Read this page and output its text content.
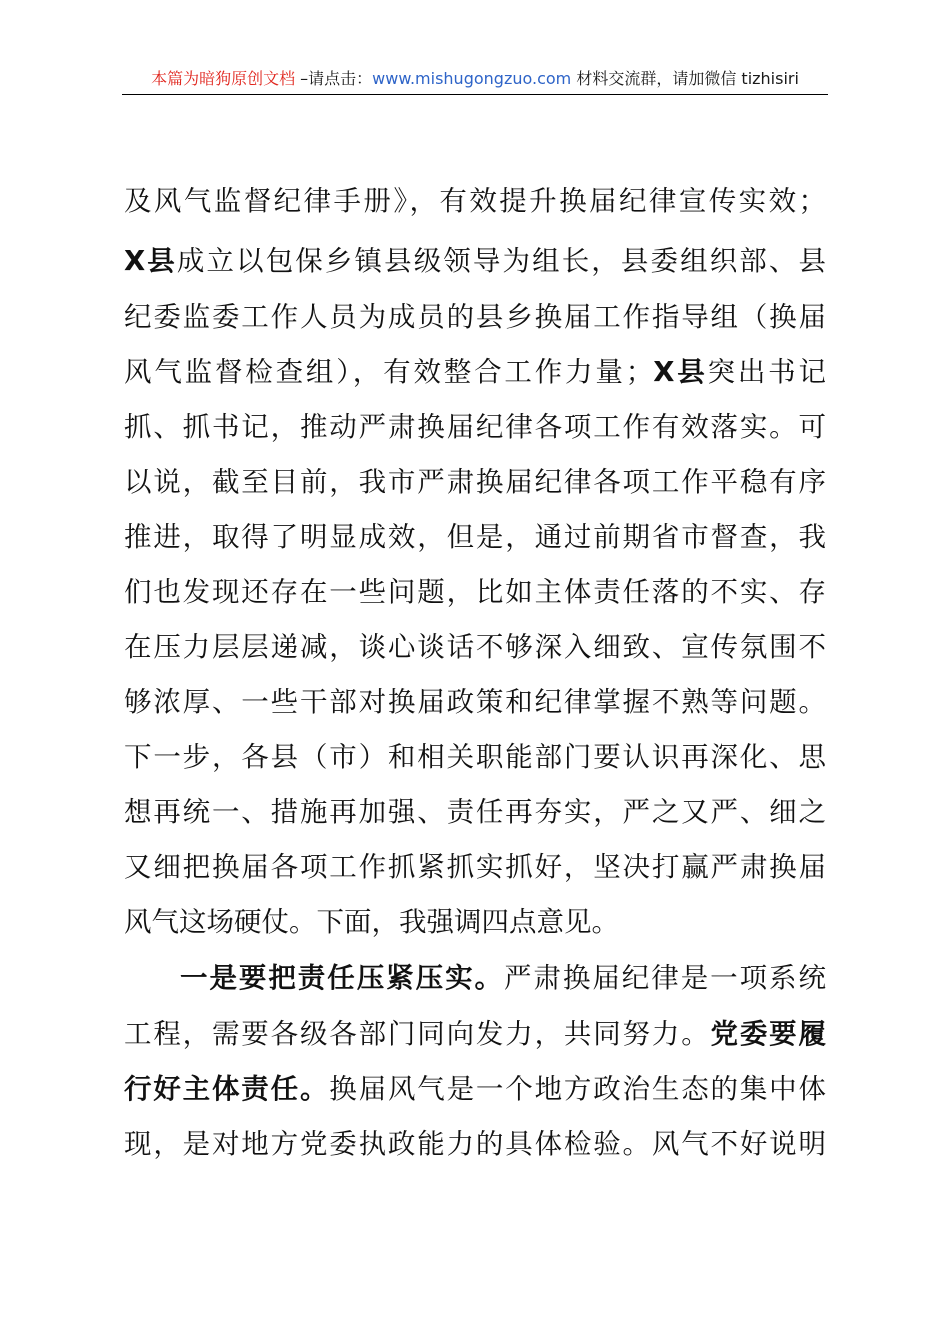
本篇为暗狗原创文档 –请点击：www.mishugongzuo.com 材料交流群，请加微信 tizhisiri
及风气监督纪律手册》，有效提升换届纪律宣传实效；
X县成立以包保乡镇县级领导为组长，县委组织部、县
纪委监委工作人员为成员的县乡换届工作指导组（换届
风气监督检查组），有效整合工作力量；X县突出书记
抓、抓书记，推动严肃换届纪律各项工作有效落实。可
以说，截至目前，我市严肃换届纪律各项工作平稳有序
推进，取得了明显成效，但是，通过前期省市督查，我
们也发现还存在一些问题，比如主体责任落的不实、存
在压力层层递减，谈心谈话不够深入细致、宣传氛围不
够浓厚、一些干部对换届政策和纪律掌握不熟等问题。
下一步，各县（市）和相关职能部门要认识再深化、思
想再统一、措施再加强、责任再夯实，严之又严、细之
又细把换届各项工作抓紧抓实抓好，坚决打赢严肃换届
风气这场硬仗。下面，我强调四点意见。
一是要把责任压紧压实。严肃换届纪律是一项系统
工程，需要各级各部门同向发力，共同努力。党委要履
行好主体责任。换届风气是一个地方政治生态的集中体
现，是对地方党委执政能力的具体检验。风气不好说明
